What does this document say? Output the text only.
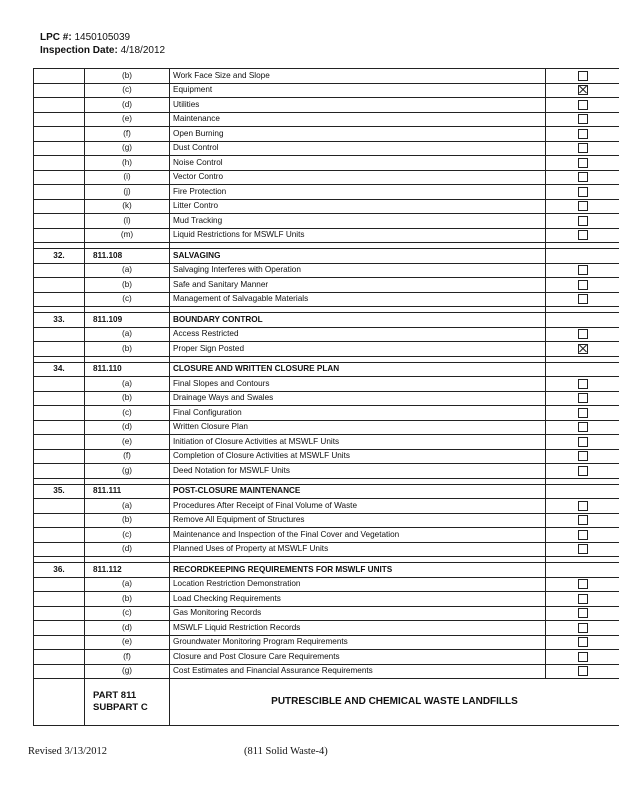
LPC #: 1450105039
Inspection Date: 4/18/2012
	(b)	Work Face Size and Slope	
	(c)	Equipment	
	(d)	Utilities	
	(e)	Maintenance	
	(f)	Open Burning	
	(g)	Dust Control	
	(h)	Noise Control	
	(i)	Vector Contro	
	(j)	Fire Protection	
	(k)	Litter Contro	
	(l)	Mud Tracking	
	(m)	Liquid Restrictions for MSWLF Units	

32.	811.108	SALVAGING	
	(a)	Salvaging Interferes with Operation	
	(b)	Safe and Sanitary Manner	
	(c)	Management of Salvagable Materials	

33.	811.109	BOUNDARY CONTROL	
	(a)	Access Restricted	
	(b)	Proper Sign Posted	

34.	811.110	CLOSURE AND WRITTEN CLOSURE PLAN	
	(a)	Final Slopes and Contours	
	(b)	Drainage Ways and Swales	
	(c)	Final Configuration	
	(d)	Written Closure Plan	
	(e)	Initiation of Closure Activities at MSWLF Units	
	(f)	Completion of Closure Activities at MSWLF Units	
	(g)	Deed Notation for MSWLF Units	

35.	811.111	POST-CLOSURE MAINTENANCE	
	(a)	Procedures After Receipt of Final Volume of Waste	
	(b)	Remove All Equipment of Structures	
	(c)	Maintenance and Inspection of the Final Cover and Vegetation	
	(d)	Planned Uses of Property at MSWLF Units	

36.	811.112	RECORDKEEPING REQUIREMENTS FOR MSWLF UNITS	
	(a)	Location Restriction Demonstration	
	(b)	Load Checking Requirements	
	(c)	Gas Monitoring Records	
	(d)	MSWLF Liquid Restriction Records	
	(e)	Groundwater Monitoring Program Requirements	
	(f)	Closure and Post Closure Care Requirements	
	(g)	Cost Estimates and Financial Assurance Requirements	
	PART 811 SUBPART C	PUTRESCIBLE AND CHEMICAL WASTE LANDFILLS	
Revised 3/13/2012	(811 Solid Waste-4)
